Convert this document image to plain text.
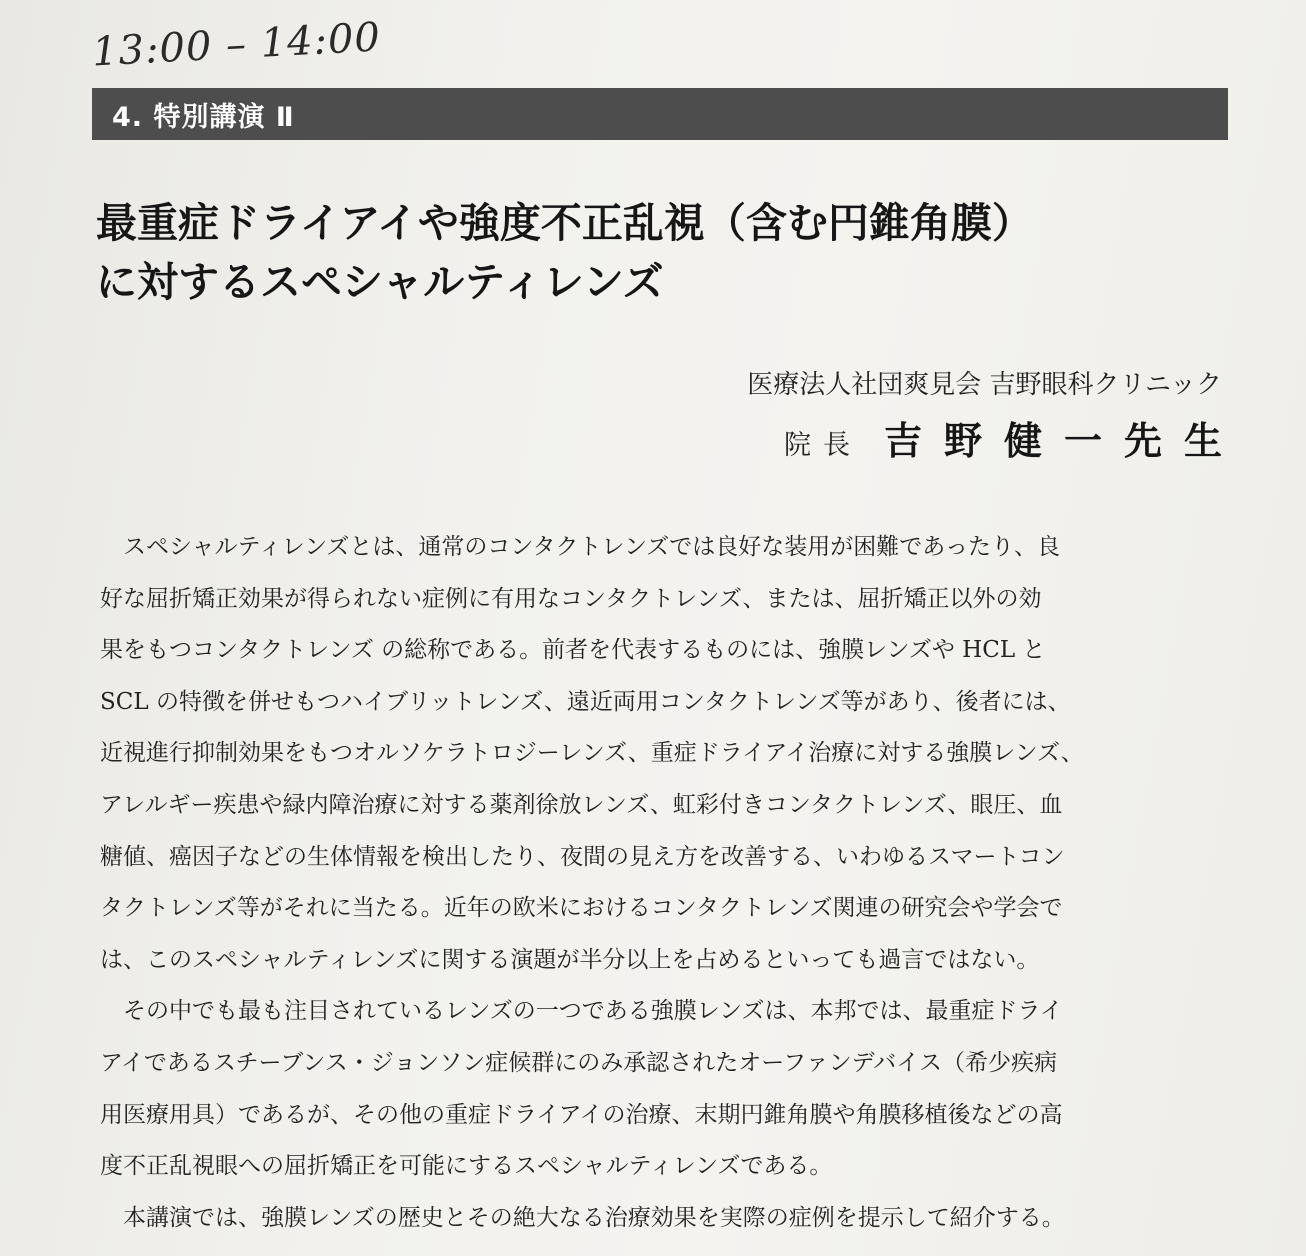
13:00 – 14:00
4. 特別講演 Ⅱ
最重症ドライアイや強度不正乱視（含む円錐角膜）
に対するスペシャルティレンズ
医療法人社団爽見会 吉野眼科クリニック
院長 吉野健一先生
　スペシャルティレンズとは、通常のコンタクトレンズでは良好な装用が困難であったり、良
好な屈折矯正効果が得られない症例に有用なコンタクトレンズ、または、屈折矯正以外の効
果をもつコンタクトレンズ の総称である。前者を代表するものには、強膜レンズや HCL と
SCL の特徴を併せもつハイブリットレンズ、遠近両用コンタクトレンズ等があり、後者には、
近視進行抑制効果をもつオルソケラトロジーレンズ、重症ドライアイ治療に対する強膜レンズ、
アレルギー疾患や緑内障治療に対する薬剤徐放レンズ、虹彩付きコンタクトレンズ、眼圧、血
糖値、癌因子などの生体情報を検出したり、夜間の見え方を改善する、いわゆるスマートコン
タクトレンズ等がそれに当たる。近年の欧米におけるコンタクトレンズ関連の研究会や学会で
は、このスペシャルティレンズに関する演題が半分以上を占めるといっても過言ではない。
　その中でも最も注目されているレンズの一つである強膜レンズは、本邦では、最重症ドライ
アイであるスチーブンス・ジョンソン症候群にのみ承認されたオーファンデバイス（希少疾病
用医療用具）であるが、その他の重症ドライアイの治療、末期円錐角膜や角膜移植後などの高
度不正乱視眼への屈折矯正を可能にするスペシャルティレンズである。
　本講演では、強膜レンズの歴史とその絶大なる治療効果を実際の症例を提示して紹介する。
